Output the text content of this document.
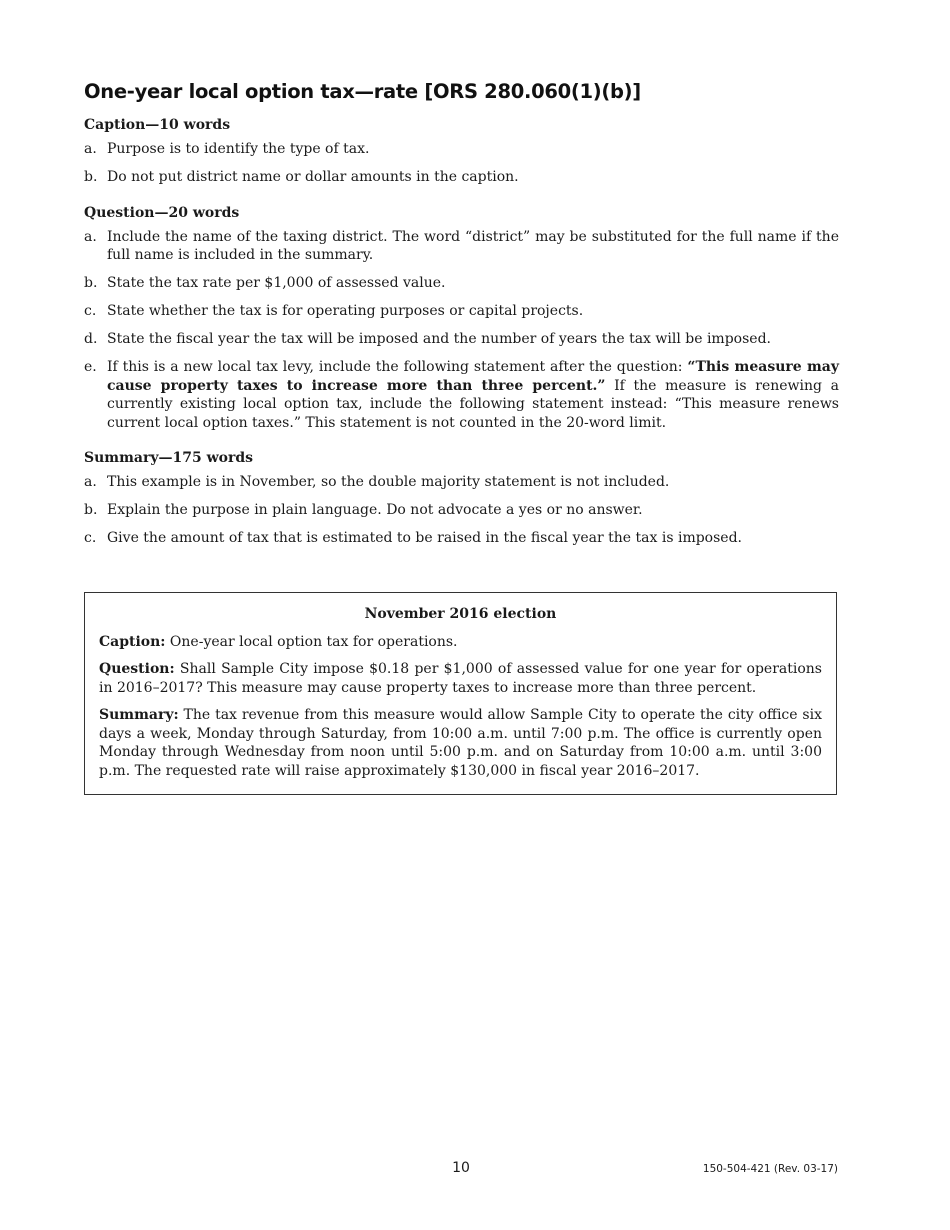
One-year local option tax—rate [ORS 280.060(1)(b)]
Caption—10 words
a. Purpose is to identify the type of tax.
b. Do not put district name or dollar amounts in the caption.
Question—20 words
a. Include the name of the taxing district. The word “district” may be substituted for the full name if the full name is included in the summary.
b. State the tax rate per $1,000 of assessed value.
c. State whether the tax is for operating purposes or capital projects.
d. State the fiscal year the tax will be imposed and the number of years the tax will be imposed.
e. If this is a new local tax levy, include the following statement after the question: “This measure may cause property taxes to increase more than three percent.” If the measure is renewing a currently existing local option tax, include the following statement instead: “This measure renews current local option taxes.” This statement is not counted in the 20-word limit.
Summary—175 words
a. This example is in November, so the double majority statement is not included.
b. Explain the purpose in plain language. Do not advocate a yes or no answer.
c. Give the amount of tax that is estimated to be raised in the fiscal year the tax is imposed.
November 2016 election

Caption: One-year local option tax for operations.

Question: Shall Sample City impose $0.18 per $1,000 of assessed value for one year for operations in 2016–2017? This measure may cause property taxes to increase more than three percent.

Summary: The tax revenue from this measure would allow Sample City to operate the city office six days a week, Monday through Saturday, from 10:00 a.m. until 7:00 p.m. The office is currently open Monday through Wednesday from noon until 5:00 p.m. and on Saturday from 10:00 a.m. until 3:00 p.m. The requested rate will raise approximately $130,000 in fiscal year 2016–2017.

10	150-504-421 (Rev. 03-17)
